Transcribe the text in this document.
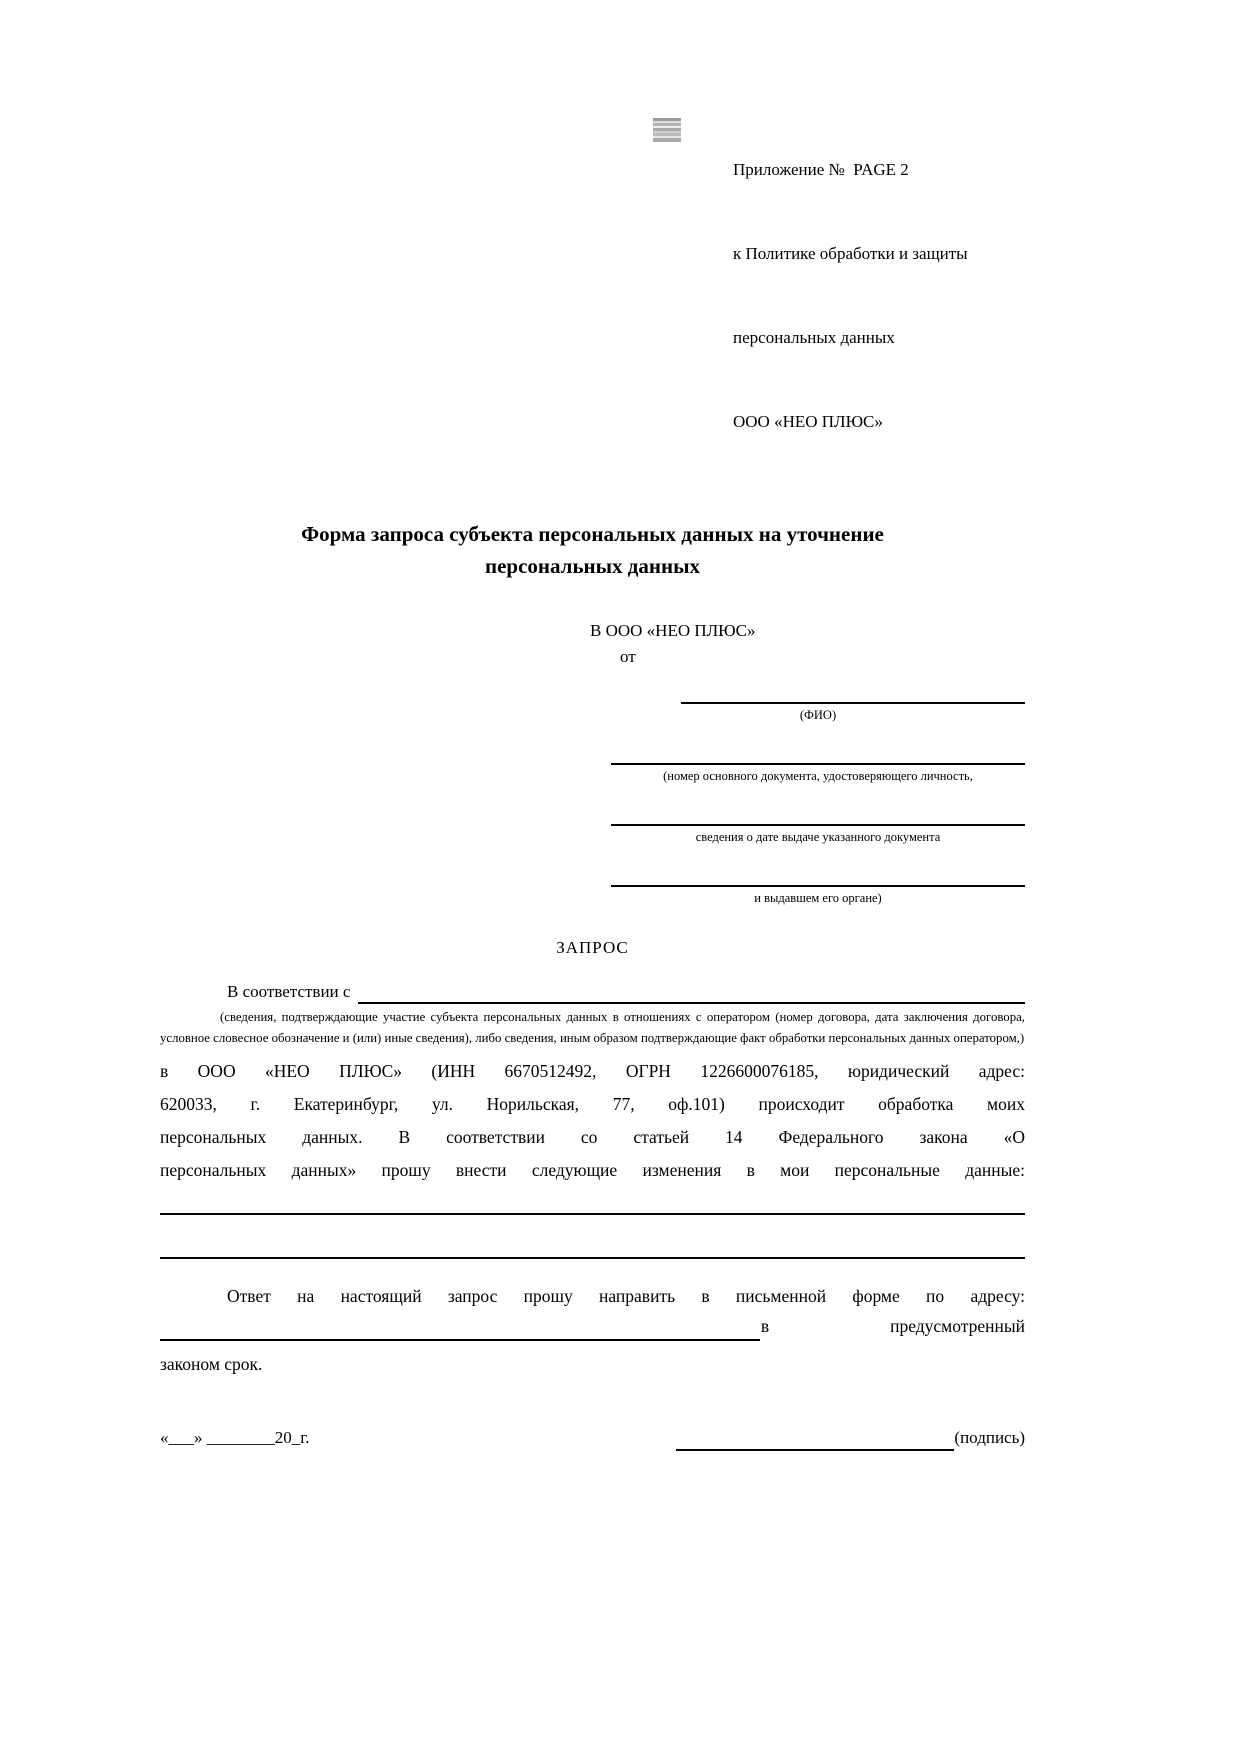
Приложение №  PAGE 2

к Политике обработки и защиты

персональных данных

ООО «НЕО ПЛЮС»

Форма запроса субъекта персональных данных на уточнение
персональных данных
В ООО «НЕО ПЛЮС»
от
(ФИО)
(номер основного документа, удостоверяющего личность,
сведения о дате выдаче указанного документа
и выдавшем его органе)
ЗАПРОС
В соответствии с
(сведения, подтверждающие участие субъекта персональных данных в отношениях с оператором (номер договора, дата заключения договора, условное словесное обозначение и (или) иные сведения), либо сведения, иным образом подтверждающие факт обработки персональных данных оператором,)
в ООО «НЕО ПЛЮС» (ИНН 6670512492, ОГРН 1226600076185, юридический адрес:
620033, г. Екатеринбург, ул. Норильская, 77, оф.101) происходит обработка моих
персональных данных. В соответствии со статьей 14 Федерального закона «О
персональных данных» прошу внести следующие изменения в мои персональные данные:
Ответ на настоящий запрос прошу направить в письменной форме по адресу:
в	предусмотренный
законом срок.
«___» ________20_г.	(подпись)
